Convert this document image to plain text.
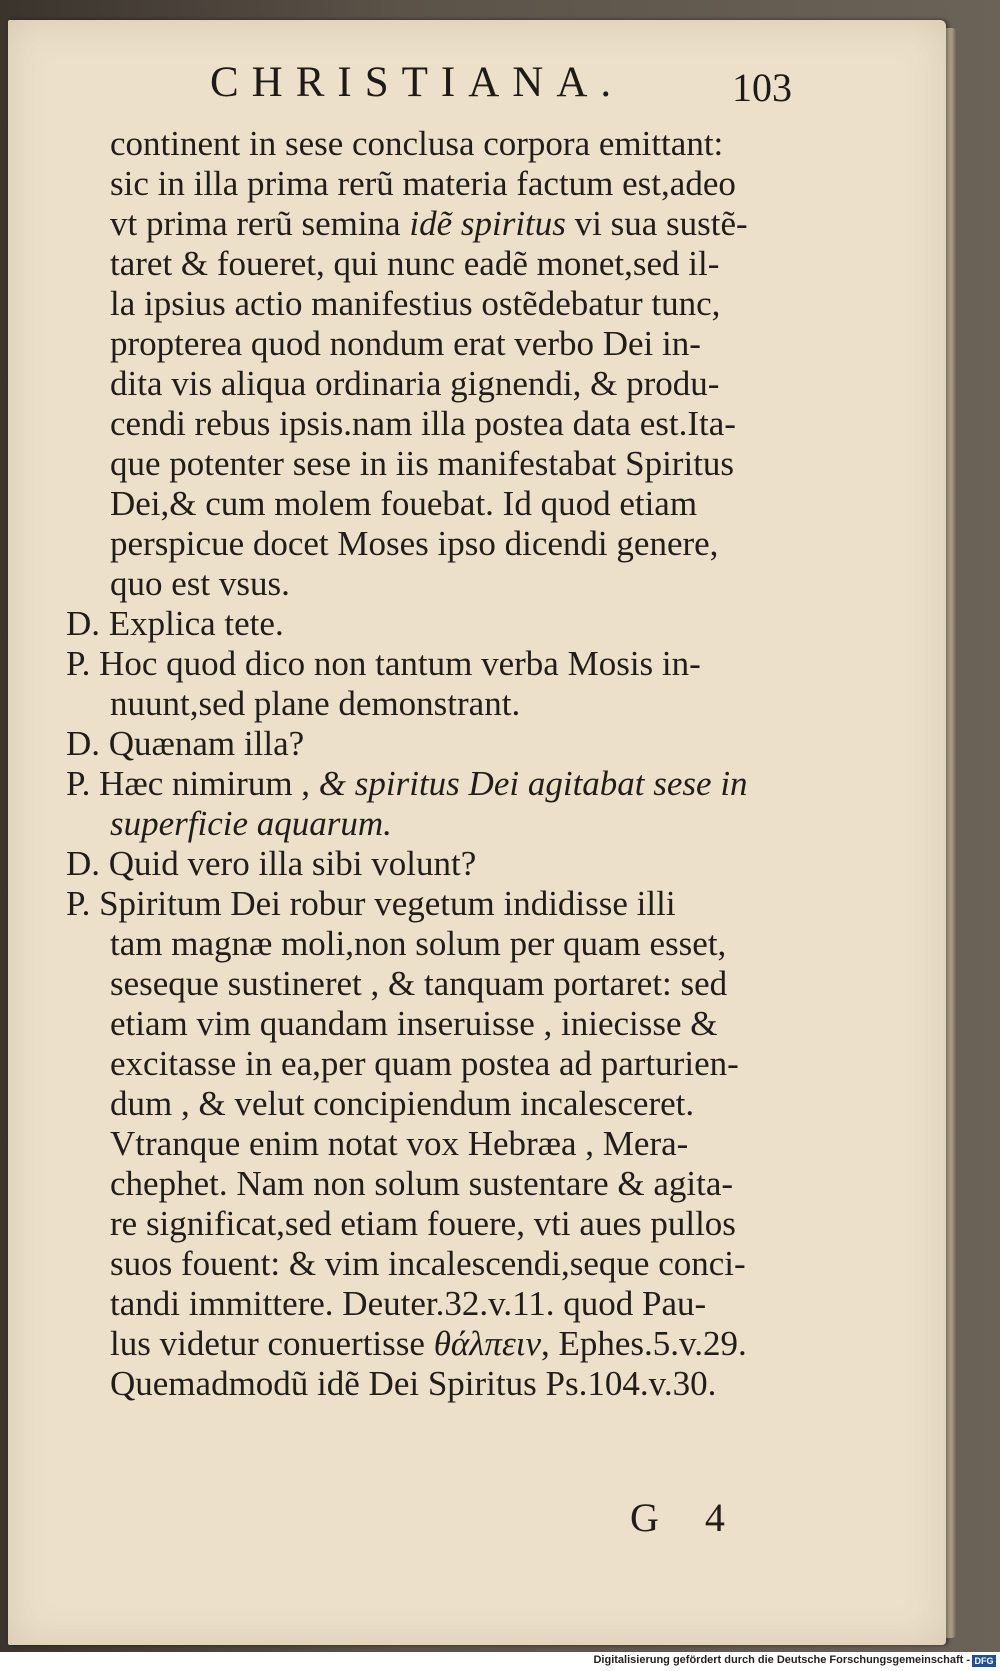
CHRISTIANA.	103
continent in sese conclusa corpora emittant:
sic in illa prima rerũ materia factum est,adeo
vt prima rerũ semina idẽ spiritus vi sua sustẽ-
taret & foueret, qui nunc eadẽ monet,sed il-
la ipsius actio manifestius ostẽdebatur tunc,
propterea quod nondum erat verbo Dei in-
dita vis aliqua ordinaria gignendi, & produ-
cendi rebus ipsis.nam illa postea data est.Ita-
que potenter sese in iis manifestabat Spiritus
Dei,& cum molem fouebat. Id quod etiam
perspicue docet Moses ipso dicendi genere,
quo est vsus.
D. Explica tete.
P. Hoc quod dico non tantum verba Mosis in-
nuunt,sed plane demonstrant.
D. Quænam illa?
P. Hæc nimirum , & spiritus Dei agitabat sese in
superficie aquarum.
D. Quid vero illa sibi volunt?
P. Spiritum Dei robur vegetum indidisse illi
tam magnæ moli,non solum per quam esset,
seseque sustineret , & tanquam portaret: sed
etiam vim quandam inseruisse , iniecisse &
excitasse in ea,per quam postea ad parturien-
dum , & velut concipiendum incalesceret.
Vtranque enim notat vox Hebræa , Mera-
chephet. Nam non solum sustentare & agita-
re significat,sed etiam fouere, vti aues pullos
suos fouent: & vim incalescendi,seque conci-
tandi immittere. Deuter.32.v.11. quod Pau-
lus videtur conuertisse θάλπειν, Ephes.5.v.29.
Quemadmodũ idẽ Dei Spiritus Ps.104.v.30.
G 4
Digitalisierung gefördert durch die Deutsche Forschungsgemeinschaft - DFG
